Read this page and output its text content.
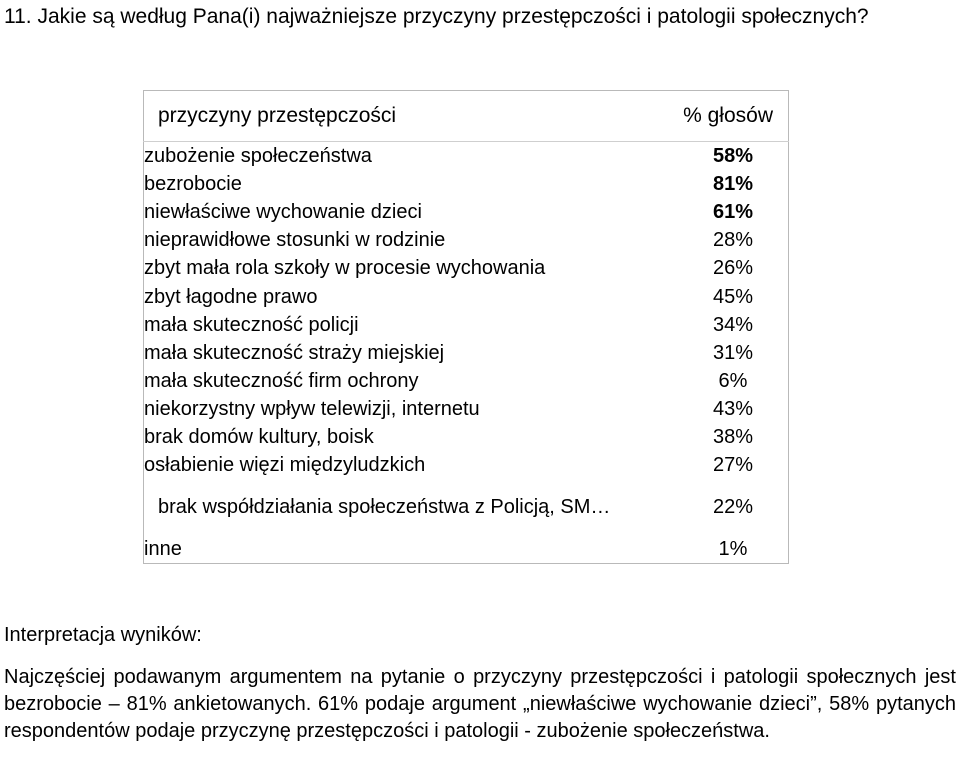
11. Jakie są według Pana(i) najważniejsze przyczyny przestępczości i patologii społecznych?
przyczyny przestępczości	% głosów
zubożenie społeczeństwa	58%
bezrobocie	81%
niewłaściwe wychowanie dzieci	61%
nieprawidłowe stosunki w rodzinie	28%
zbyt mała rola szkoły w procesie wychowania	26%
zbyt łagodne prawo	45%
mała skuteczność policji	34%
mała skuteczność straży miejskiej	31%
mała skuteczność firm ochrony	6%
niekorzystny wpływ telewizji, internetu	43%
brak domów kultury, boisk	38%
osłabienie więzi międzyludzkich	27%

brak współdziałania społeczeństwa z Policją, SM…	22%
inne	1%

Interpretacja wyników:

Najczęściej podawanym argumentem na pytanie o przyczyny przestępczości i patologii społecznych jest bezrobocie – 81% ankietowanych. 61% podaje argument „niewłaściwe wychowanie dzieci”, 58% pytanych respondentów podaje przyczynę przestępczości i patologii - zubożenie społeczeństwa.
